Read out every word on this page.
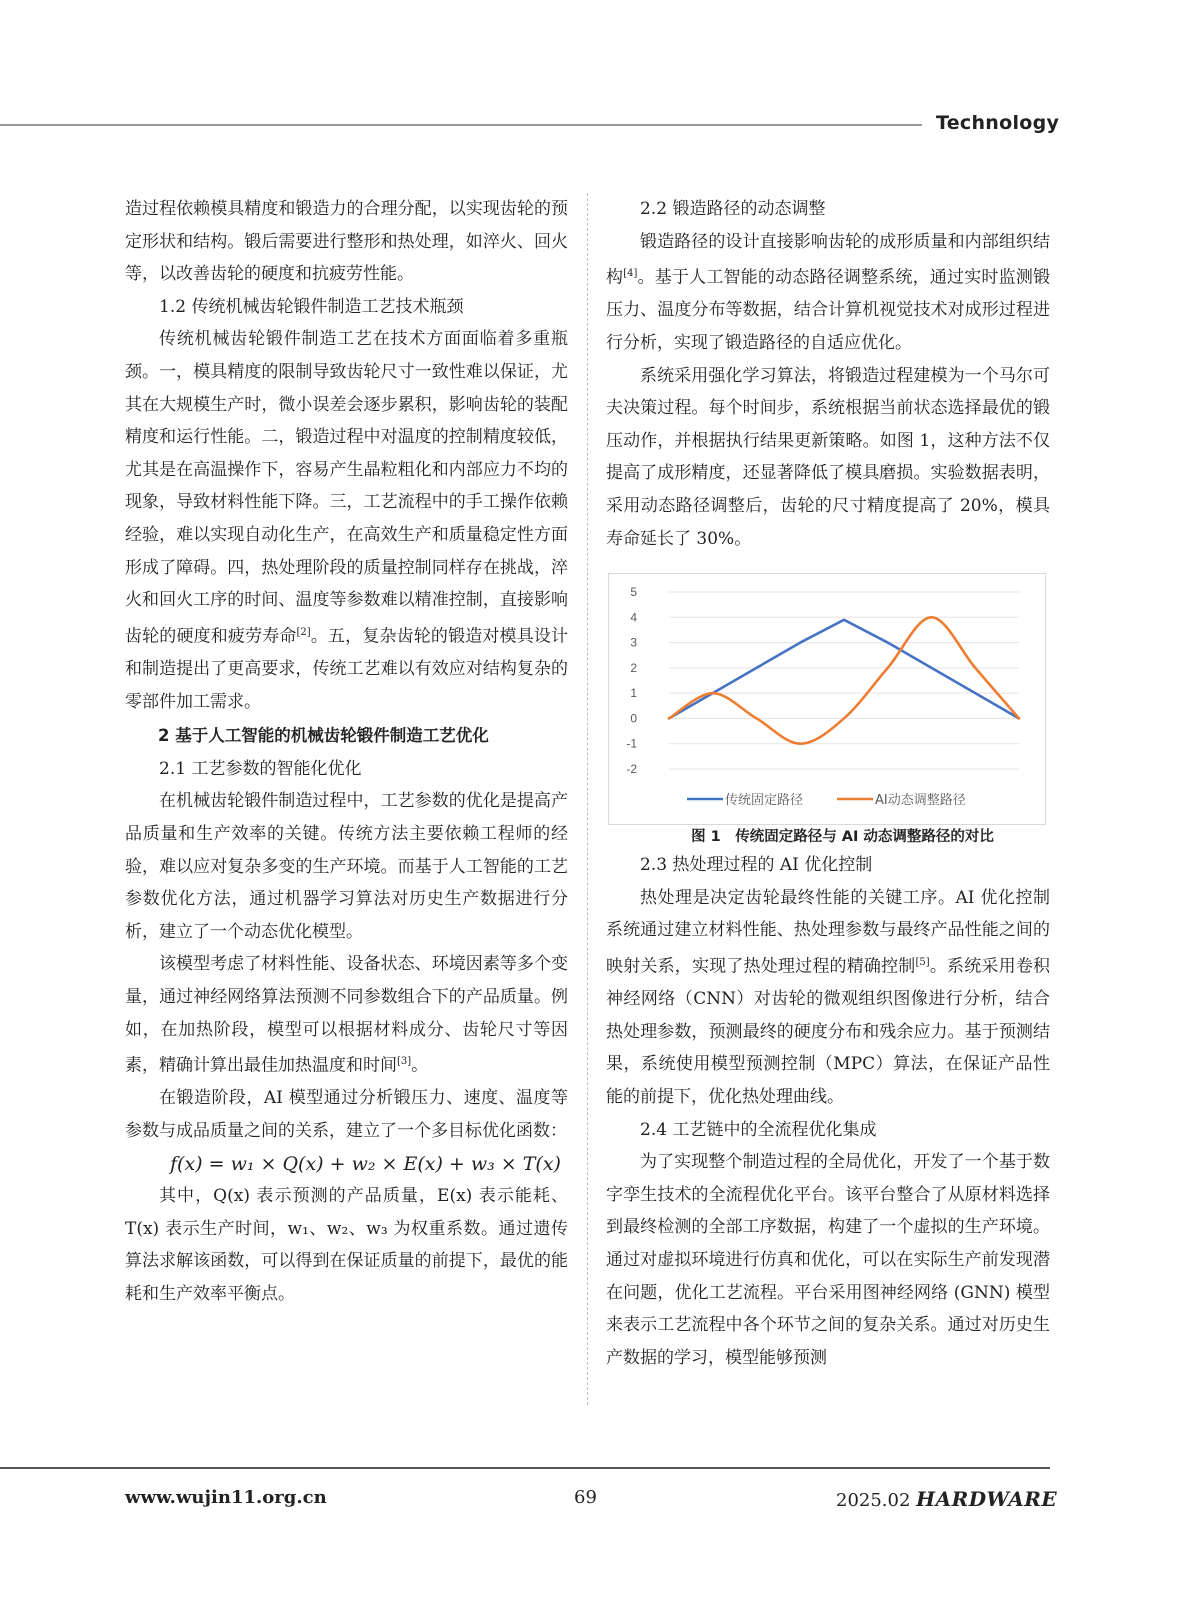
Technology

造过程依赖模具精度和锻造力的合理分配，以实现齿轮的预定形状和结构。锻后需要进行整形和热处理，如淬火、回火等，以改善齿轮的硬度和抗疲劳性能。

1.2 传统机械齿轮锻件制造工艺技术瓶颈

传统机械齿轮锻件制造工艺在技术方面面临着多重瓶颈。一，模具精度的限制导致齿轮尺寸一致性难以保证，尤其在大规模生产时，微小误差会逐步累积，影响齿轮的装配精度和运行性能。二，锻造过程中对温度的控制精度较低，尤其是在高温操作下，容易产生晶粒粗化和内部应力不均的现象，导致材料性能下降。三，工艺流程中的手工操作依赖经验，难以实现自动化生产，在高效生产和质量稳定性方面形成了障碍。四，热处理阶段的质量控制同样存在挑战，淬火和回火工序的时间、温度等参数难以精准控制，直接影响齿轮的硬度和疲劳寿命[2]。五，复杂齿轮的锻造对模具设计和制造提出了更高要求，传统工艺难以有效应对结构复杂的零部件加工需求。

2 基于人工智能的机械齿轮锻件制造工艺优化

2.1 工艺参数的智能化优化

在机械齿轮锻件制造过程中，工艺参数的优化是提高产品质量和生产效率的关键。传统方法主要依赖工程师的经验，难以应对复杂多变的生产环境。而基于人工智能的工艺参数优化方法，通过机器学习算法对历史生产数据进行分析，建立了一个动态优化模型。

该模型考虑了材料性能、设备状态、环境因素等多个变量，通过神经网络算法预测不同参数组合下的产品质量。例如，在加热阶段，模型可以根据材料成分、齿轮尺寸等因素，精确计算出最佳加热温度和时间[3]。

在锻造阶段，AI 模型通过分析锻压力、速度、温度等参数与成品质量之间的关系，建立了一个多目标优化函数：

f(x) = w₁ × Q(x) + w₂ × E(x) + w₃ × T(x)

其中，Q(x) 表示预测的产品质量，E(x) 表示能耗、T(x) 表示生产时间，w₁、w₂、w₃ 为权重系数。通过遗传算法求解该函数，可以得到在保证质量的前提下，最优的能耗和生产效率平衡点。

2.2 锻造路径的动态调整

锻造路径的设计直接影响齿轮的成形质量和内部组织结构[4]。基于人工智能的动态路径调整系统，通过实时监测锻压力、温度分布等数据，结合计算机视觉技术对成形过程进行分析，实现了锻造路径的自适应优化。

系统采用强化学习算法，将锻造过程建模为一个马尔可夫决策过程。每个时间步，系统根据当前状态选择最优的锻压动作，并根据执行结果更新策略。如图 1，这种方法不仅提高了成形精度，还显著降低了模具磨损。实验数据表明，采用动态路径调整后，齿轮的尺寸精度提高了 20%，模具寿命延长了 30%。

5
4
3
2
1
0
-1
-2
传统固定路径	AI动态调整路径

图 1　传统固定路径与 AI 动态调整路径的对比

2.3 热处理过程的 AI 优化控制

热处理是决定齿轮最终性能的关键工序。AI 优化控制系统通过建立材料性能、热处理参数与最终产品性能之间的映射关系，实现了热处理过程的精确控制[5]。系统采用卷积神经网络（CNN）对齿轮的微观组织图像进行分析，结合热处理参数，预测最终的硬度分布和残余应力。基于预测结果，系统使用模型预测控制（MPC）算法，在保证产品性能的前提下，优化热处理曲线。

2.4 工艺链中的全流程优化集成

为了实现整个制造过程的全局优化，开发了一个基于数字孪生技术的全流程优化平台。该平台整合了从原材料选择到最终检测的全部工序数据，构建了一个虚拟的生产环境。通过对虚拟环境进行仿真和优化，可以在实际生产前发现潜在问题，优化工艺流程。平台采用图神经网络 (GNN) 模型来表示工艺流程中各个环节之间的复杂关系。通过对历史生产数据的学习，模型能够预测

www.wujin11.org.cn	69	2025.02 HARDWARE
